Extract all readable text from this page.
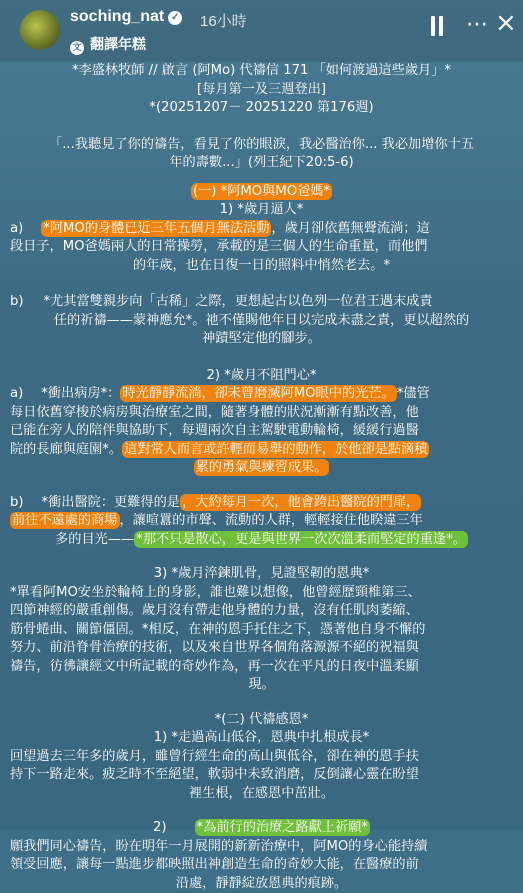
soching_nat ✓ 16小時
文 翻譯年糕
⋯ ×

*李盛林牧師 // 啟言 (阿Mo) 代禱信 171 「如何渡過這些歲月」*

[每月第一及三週登出]

*(20251207－ 20251220 第176週)

「...我聽見了你的禱告，看見了你的眼淚，我必醫治你... 我必加增你十五

年的壽數...」(列王紀下20:5-6)

(一) *阿MO與MO爸媽*

1) *歲月逼人*

a) *阿MO的身體已近三年五個月無法活動 ，歲月卻依舊無聲流淌；這

段日子，MO爸媽兩人的日常操勞，承載的是三個人的生命重量，而他們

的年歲，也在日復一日的照料中悄然老去。*

b) *尤其當雙親步向「古稀」之際，更想起古以色列一位君王遇末成責

任的祈禱——蒙神應允*。祂不僅賜他年日以完成未盡之責，更以超然的

神蹟堅定他的腳步。

2) *歲月不阻門心*

a) *衝出病房*： 時光靜靜流淌，卻未曾磨滅阿MO眼中的光芒。 *儘管

每日依舊穿梭於病房與治療室之間，隨著身體的狀況漸漸有點改善，他

已能在旁人的陪伴與協助下，每週兩次自主駕駛電動輪椅，緩緩行過醫

院的長廊與庭園*。 這對常人而言或許輕而易舉的動作，於他卻是點滴積

累的勇氣與練習成果。

b) *衝出醫院：更難得的是 ，大約每月一次，他會跨出醫院的門扉，

前往不遠處的商場 ，讓喧囂的市聲、流動的人群，輕輕接住他睽違三年

多的目光—— *那不只是散心，更是與世界一次次溫柔而堅定的重逢*。

3) *歲月淬鍊肌骨，見證堅韌的恩典*

*單看阿MO安坐於輪椅上的身影，誰也難以想像，他曾經歷頸椎第三、

四節神經的嚴重創傷。歲月沒有帶走他身體的力量，沒有任肌肉萎縮、

筋骨蜷曲、關節僵固。*相反，在神的恩手托住之下，憑著他自身不懈的

努力、前沿脊骨治療的技術，以及來自世界各個角落源源不絕的祝福與

禱告，彷彿讓經文中所記載的奇妙作為，再一次在平凡的日夜中溫柔顯

現。

*(二) 代禱感恩*

1) *走過高山低谷，恩典中扎根成長*

回望過去三年多的歲月，雖曾行經生命的高山與低谷，卻在神的恩手扶

持下一路走來。疲乏時不至絕望，軟弱中未致消磨，反倒讓心靈在盼望

裡生根，在感恩中茁壯。

2) *為前行的治療之路獻上祈願*

願我們同心禱告，盼在明年一月展開的新新治療中，阿MO的身心能持續

領受回應，讓每一點進步都映照出神創造生命的奇妙大能，在醫療的前

沿處，靜靜綻放恩典的痕跡。
